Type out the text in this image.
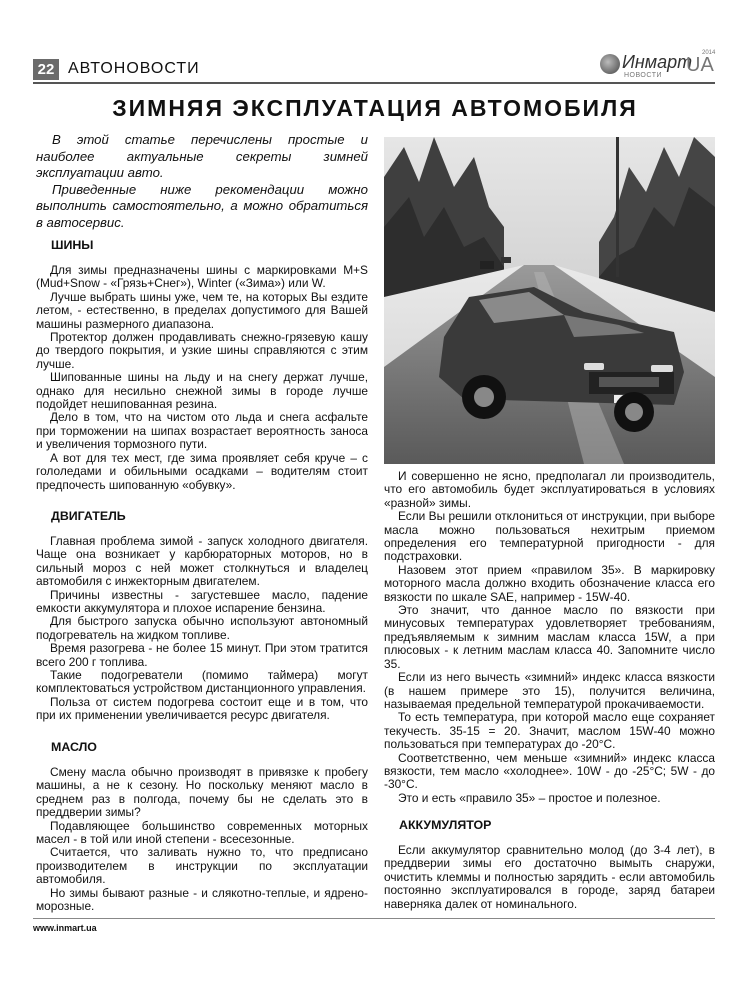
22 АВТОНОВОСТИ	Инмарт
UA
НОВОСТИ
2014
ЗИМНЯЯ ЭКСПЛУАТАЦИЯ АВТОМОБИЛЯ

В этой статье перечислены простые и наиболее актуальные секреты зимней эксплуатации авто.

Приведенные ниже рекомендации можно выполнить самостоятельно, а можно обратиться в автосервис.

ШИНЫ

Для зимы предназначены шины с маркировками M+S (Mud+Snow - «Грязь+Снег»), Winter («Зима») или W.

Лучше выбрать шины уже, чем те, на которых Вы ездите летом, - естественно, в пределах допустимого для Вашей машины размерного диапазона.

Протектор должен продавливать снежно-грязевую кашу до твердого покрытия, и узкие шины справляются с этим лучше.

Шипованные шины на льду и на снегу держат лучше, однако для несильно снежной зимы в городе лучше подойдет нешипованная резина.

Дело в том, что на чистом ото льда и снега асфальте при торможении на шипах возрастает вероятность заноса и увеличения тормозного пути.

А вот для тех мест, где зима проявляет себя круче – с гололедами и обильными осадками – водителям стоит предпочесть шипованную «обувку».

ДВИГАТЕЛЬ

Главная проблема зимой - запуск холодного двигателя. Чаще она возникает у карбюраторных моторов, но в сильный мороз с ней может столкнуться и владелец автомобиля с инжекторным двигателем.

Причины известны - загустевшее масло, падение емкости аккумулятора и плохое испарение бензина.

Для быстрого запуска обычно используют автономный подогреватель на жидком топливе.

Время разогрева - не более 15 минут. При этом тратится всего 200 г топлива.

Такие подогреватели (помимо таймера) могут комплектоваться устройством дистанционного управления.

Польза от систем подогрева состоит еще и в том, что при их применении увеличивается ресурс двигателя.

МАСЛО

Смену масла обычно производят в привязке к пробегу машины, а не к сезону. Но поскольку меняют масло в среднем раз в полгода, почему бы не сделать это в преддверии зимы?

Подавляющее большинство современных моторных масел - в той или иной степени - всесезонные.

Считается, что заливать нужно то, что предписано производителем в инструкции по эксплуатации автомобиля.

Но зимы бывают разные - и слякотно-теплые, и ядрено-морозные.

И совершенно не ясно, предполагал ли производитель, что его автомобиль будет эксплуатироваться в условиях «разной» зимы.

Если Вы решили отклониться от инструкции, при выборе масла можно пользоваться нехитрым приемом определения его температурной пригодности - для подстраховки.

Назовем этот прием «правилом 35». В маркировку моторного масла должно входить обозначение класса его вязкости по шкале SAE, например - 15W-40.

Это значит, что данное масло по вязкости при минусовых температурах удовлетворяет требованиям, предъявляемым к зимним маслам класса 15W, а при плюсовых - к летним маслам класса 40. Запомните число 35.

Если из него вычесть «зимний» индекс класса вязкости (в нашем примере это 15), получится величина, называемая предельной температурой прокачиваемости.

То есть температура, при которой масло еще сохраняет текучесть. 35-15 = 20. Значит, маслом 15W-40 можно пользоваться при температурах до -20°С.

Соответственно, чем меньше «зимний» индекс класса вязкости, тем масло «холоднее». 10W - до -25°С; 5W - до -30°С.

Это и есть «правило 35» – простое и полезное.

АККУМУЛЯТОР

Если аккумулятор сравнительно молод (до 3-4 лет), в преддверии зимы его достаточно вымыть снаружи, очистить клеммы и полностью зарядить - если автомобиль постоянно эксплуатировался в городе, заряд батареи наверняка далек от номинального.

www.inmart.ua
